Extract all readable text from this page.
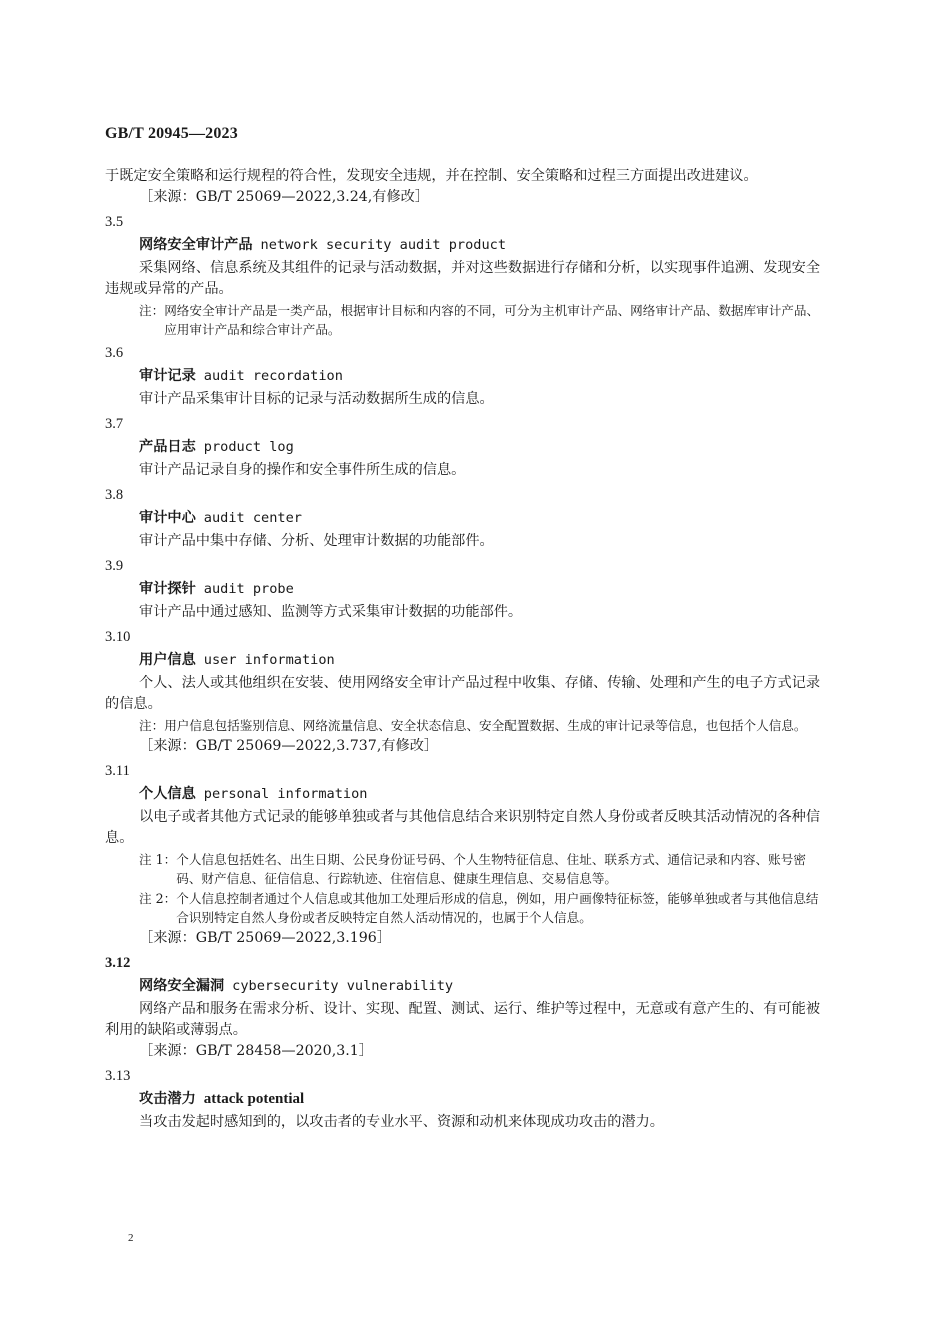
GB/T 20945—2023
于既定安全策略和运行规程的符合性，发现安全违规，并在控制、安全策略和过程三方面提出改进建议。
［来源：GB/T 25069—2022,3.24,有修改］
3.5
网络安全审计产品 network security audit product

采集网络、信息系统及其组件的记录与活动数据，并对这些数据进行存储和分析，以实现事件追溯、发现安全违规或异常的产品。

注： 网络安全审计产品是一类产品，根据审计目标和内容的不同，可分为主机审计产品、网络审计产品、数据库审计产品、应用审计产品和综合审计产品。
3.6
审计记录 audit recordation

审计产品采集审计目标的记录与活动数据所生成的信息。

3.7
产品日志 product log

审计产品记录自身的操作和安全事件所生成的信息。

3.8
审计中心 audit center

审计产品中集中存储、分析、处理审计数据的功能部件。

3.9
审计探针 audit probe

审计产品中通过感知、监测等方式采集审计数据的功能部件。

3.10
用户信息 user information

个人、法人或其他组织在安装、使用网络安全审计产品过程中收集、存储、传输、处理和产生的电子方式记录的信息。

注： 用户信息包括鉴别信息、网络流量信息、安全状态信息、安全配置数据、生成的审计记录等信息，也包括个人信息。
［来源：GB/T 25069—2022,3.737,有修改］
3.11
个人信息 personal information

以电子或者其他方式记录的能够单独或者与其他信息结合来识别特定自然人身份或者反映其活动情况的各种信息。

注 1： 个人信息包括姓名、出生日期、公民身份证号码、个人生物特征信息、住址、联系方式、通信记录和内容、账号密码、财产信息、征信信息、行踪轨迹、住宿信息、健康生理信息、交易信息等。
注 2： 个人信息控制者通过个人信息或其他加工处理后形成的信息，例如，用户画像特征标签，能够单独或者与其他信息结合识别特定自然人身份或者反映特定自然人活动情况的，也属于个人信息。
［来源：GB/T 25069—2022,3.196］
3.12
网络安全漏洞 cybersecurity vulnerability

网络产品和服务在需求分析、设计、实现、配置、测试、运行、维护等过程中，无意或有意产生的、有可能被利用的缺陷或薄弱点。

［来源：GB/T 28458—2020,3.1］
3.13
攻击潜力 attack potential

当攻击发起时感知到的，以攻击者的专业水平、资源和动机来体现成功攻击的潜力。

2
